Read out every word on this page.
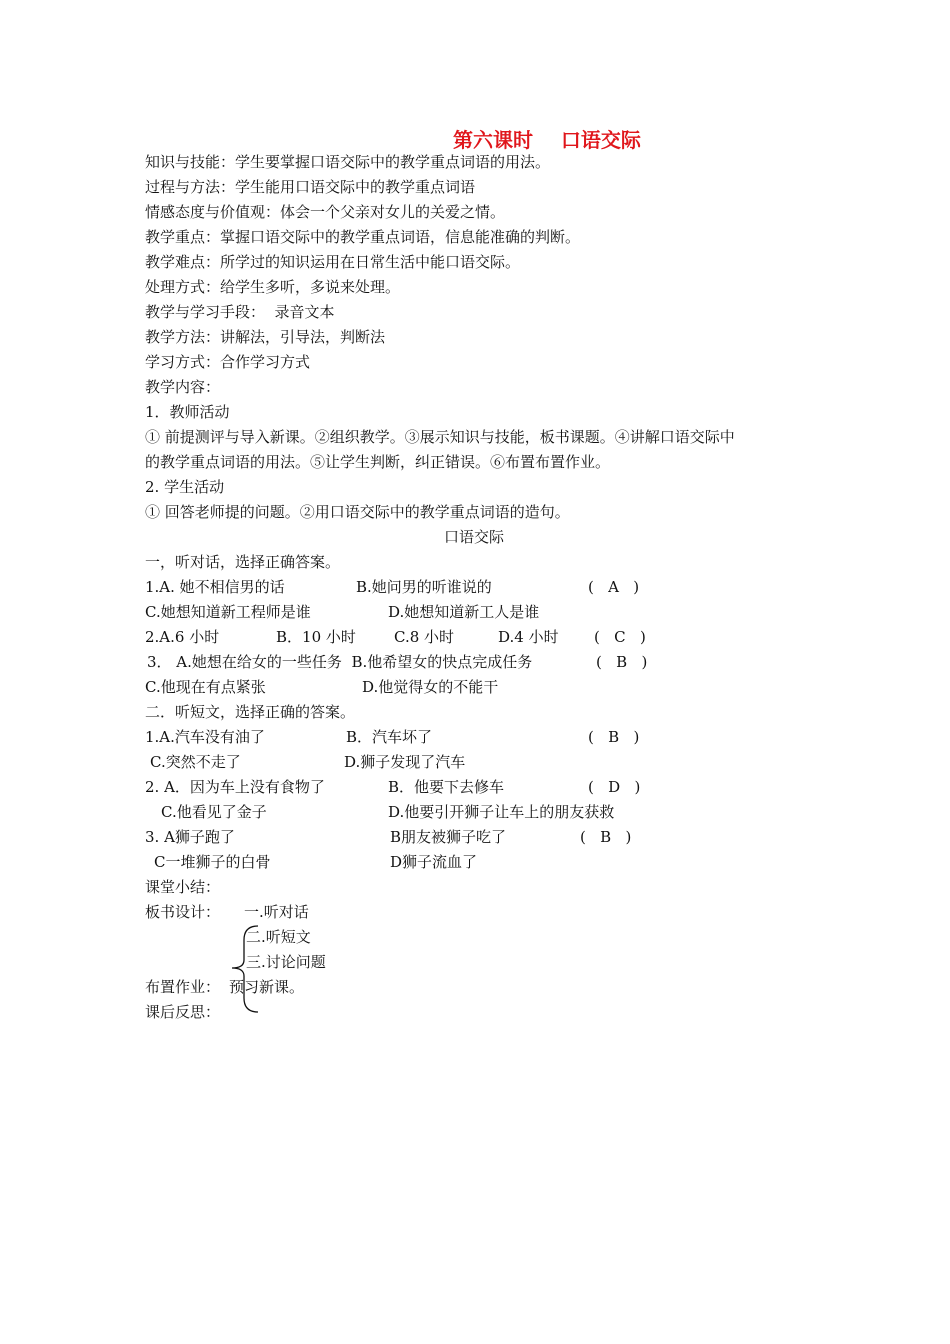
第六课时    口语交际
知识与技能：学生要掌握口语交际中的教学重点词语的用法。
过程与方法：学生能用口语交际中的教学重点词语
情感态度与价值观：体会一个父亲对女儿的关爱之情。
教学重点：掌握口语交际中的教学重点词语，信息能准确的判断。
教学难点：所学过的知识运用在日常生活中能口语交际。
处理方式：给学生多听，多说来处理。
教学与学习手段：  录音文本
教学方法：讲解法，引导法，判断法
学习方式：合作学习方式
教学内容：
1．教师活动
① 前提测评与导入新课。②组织教学。③展示知识与技能，板书课题。④讲解口语交际中
的教学重点词语的用法。⑤让学生判断，纠正错误。⑥布置布置作业。
2. 学生活动
① 回答老师提的问题。②用口语交际中的教学重点词语的造句。
口语交际
一，听对话，选择正确答案。
1.A. 她不相信男的话	B.她问男的听谁说的	(   A   )
C.她想知道新工程师是谁	D.她想知道新工人是谁
2.A.6 小时	B．10 小时	C.8 小时	D.4 小时 (   C   )
3． A.她想在给女的一些任务  B.他希望女的快点完成任务	(   B   )
C.他现在有点紧张	D.他觉得女的不能干
二．听短文，选择正确的答案。
1.A.汽车没有油了	B．汽车坏了	(   B   )
C.突然不走了	D.狮子发现了汽车
2. A．因为车上没有食物了	B．他要下去修车	(   D   )
C.他看见了金子	D.他要引开狮子让车上的朋友获救
3. A狮子跑了	B朋友被狮子吃了	(   B   )
C一堆狮子的白骨	D狮子流血了
课堂小结：
板书设计： 一.听对话
二.听短文
三.讨论问题
布置作业： 预习新课。
课后反思：
